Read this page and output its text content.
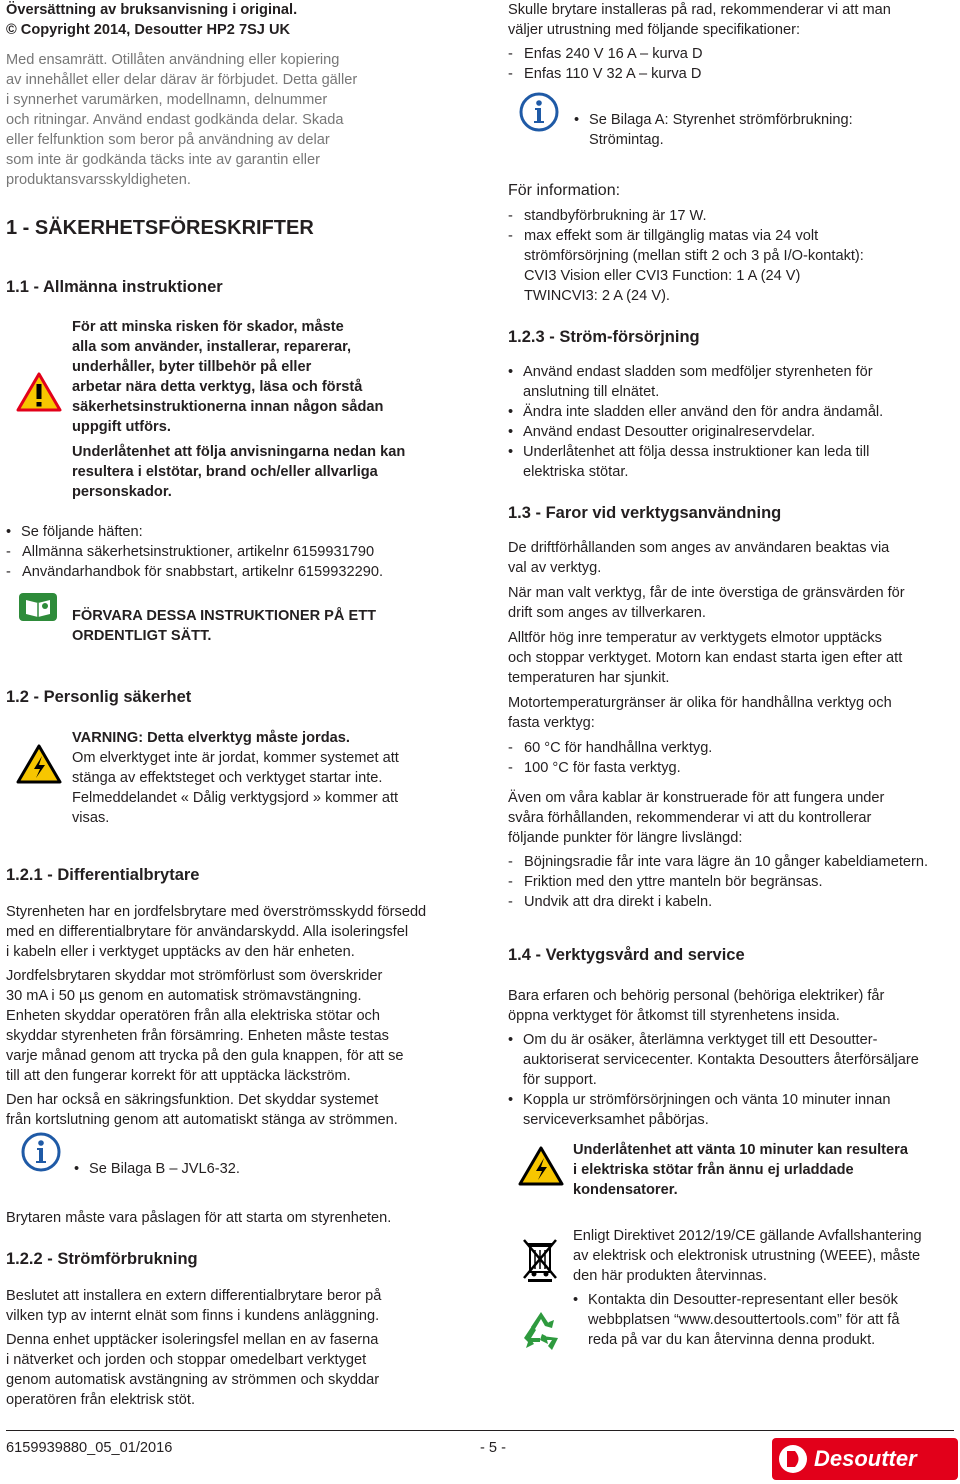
Översättning av bruksanvisning i original.

© Copyright 2014, Desoutter HP2 7SJ UK

Med ensamrätt. Otillåten användning eller kopiering

av innehållet eller delar därav är förbjudet. Detta gäller

i synnerhet varumärken, modellnamn, delnummer

och ritningar. Använd endast godkända delar. Skada

eller felfunktion som beror på användning av delar

som inte är godkända täcks inte av garantin eller

produktansvarsskyldigheten.

1 - SÄKERHETSFÖRESKRIFTER
1.1 - Allmänna instruktioner

För att minska risken för skador, måste

alla som använder, installerar, reparerar,

underhåller, byter tillbehör på eller

arbetar nära detta verktyg, läsa och förstå

säkerhetsinstruktionerna innan någon sådan

uppgift utförs.

Underlåtenhet att följa anvisningarna nedan kan

resultera i elstötar, brand och/eller allvarliga

personskador.

• Se följande häften:
- Allmänna säkerhetsinstruktioner, artikelnr 6159931790
- Användarhandbok för snabbstart, artikelnr 6159932290.

FÖRVARA DESSA INSTRUKTIONER PÅ ETT

ORDENTLIGT SÄTT.

1.2 - Personlig säkerhet

VARNING: Detta elverktyg måste jordas.

Om elverktyget inte är jordat, kommer systemet att

stänga av effektsteget och verktyget startar inte.

Felmeddelandet « Dålig verktygsjord » kommer att

visas.

1.2.1 - Differentialbrytare

Styrenheten har en jordfelsbrytare med överströmsskydd försedd

med en differentialbrytare för användarskydd. Alla isoleringsfel

i kabeln eller i verktyget upptäcks av den här enheten.

Jordfelsbrytaren skyddar mot strömförlust som överskrider

30 mA i 50 µs genom en automatisk strömavstängning.

Enheten skyddar operatören från alla elektriska stötar och

skyddar styrenheten från försämring. Enheten måste testas

varje månad genom att trycka på den gula knappen, för att se

till att den fungerar korrekt för att upptäcka läckström.

Den har också en säkringsfunktion. Det skyddar systemet

från kortslutning genom att automatiskt stänga av strömmen.

• Se Bilaga B – JVL6-32.

Brytaren måste vara påslagen för att starta om styrenheten.

1.2.2 - Strömförbrukning

Beslutet att installera en extern differentialbrytare beror på

vilken typ av internt elnät som finns i kundens anläggning.

Denna enhet upptäcker isoleringsfel mellan en av faserna

i nätverket och jorden och stoppar omedelbart verktyget

genom automatisk avstängning av strömmen och skyddar

operatören från elektrisk stöt.

Skulle brytare installeras på rad, rekommenderar vi att man

väljer utrustning med följande specifikationer:

- Enfas 240 V 16 A – kurva D
- Enfas 110 V 32 A – kurva D
• Se Bilaga A: Styrenhet strömförbrukning:
Strömintag.
För information:
- standbyförbrukning är 17 W.
- max effekt som är tillgänglig matas via 24 volt
strömförsörjning (mellan stift 2 och 3 på I/O-kontakt):
CVI3 Vision eller CVI3 Function: 1 A (24 V)
TWINCVI3: 2 A (24 V).
1.2.3 - Ström-försörjning
• Använd endast sladden som medföljer styrenheten för
anslutning till elnätet.
• Ändra inte sladden eller använd den för andra ändamål.
• Använd endast Desoutter originalreservdelar.
• Underlåtenhet att följa dessa instruktioner kan leda till
elektriska stötar.
1.3 - Faror vid verktygsanvändning

De driftförhållanden som anges av användaren beaktas via

val av verktyg.

När man valt verktyg, får de inte överstiga de gränsvärden för

drift som anges av tillverkaren.

Alltför hög inre temperatur av verktygets elmotor upptäcks

och stoppar verktyget. Motorn kan endast starta igen efter att

temperaturen har sjunkit.

Motortemperaturgränser är olika för handhållna verktyg och

fasta verktyg:

- 60 °C för handhållna verktyg.
- 100 °C för fasta verktyg.

Även om våra kablar är konstruerade för att fungera under

svåra förhållanden, rekommenderar vi att du kontrollerar

följande punkter för längre livslängd:

- Böjningsradie får inte vara lägre än 10 gånger kabeldiametern.
- Friktion med den yttre manteln bör begränsas.
- Undvik att dra direkt i kabeln.
1.4 - Verktygsvård and service

Bara erfaren och behörig personal (behöriga elektriker) får

öppna verktyget för åtkomst till styrenhetens insida.

• Om du är osäker, återlämna verktyget till ett Desoutter-
auktoriserat servicecenter. Kontakta Desoutters återförsäljare
för support.
• Koppla ur strömförsörjningen och vänta 10 minuter innan
serviceverksamhet påbörjas.

Underlåtenhet att vänta 10 minuter kan resultera

i elektriska stötar från ännu ej urladdade

kondensatorer.

Enligt Direktivet 2012/19/CE gällande Avfallshantering

av elektrisk och elektronisk utrustning (WEEE), måste

den här produkten återvinnas.

• Kontakta din Desoutter-representant eller besök
webbplatsen “www.desouttertools.com” för att få
reda på var du kan återvinna denna produkt.
6159939880_05_01/2016	- 5 -	Desoutter
